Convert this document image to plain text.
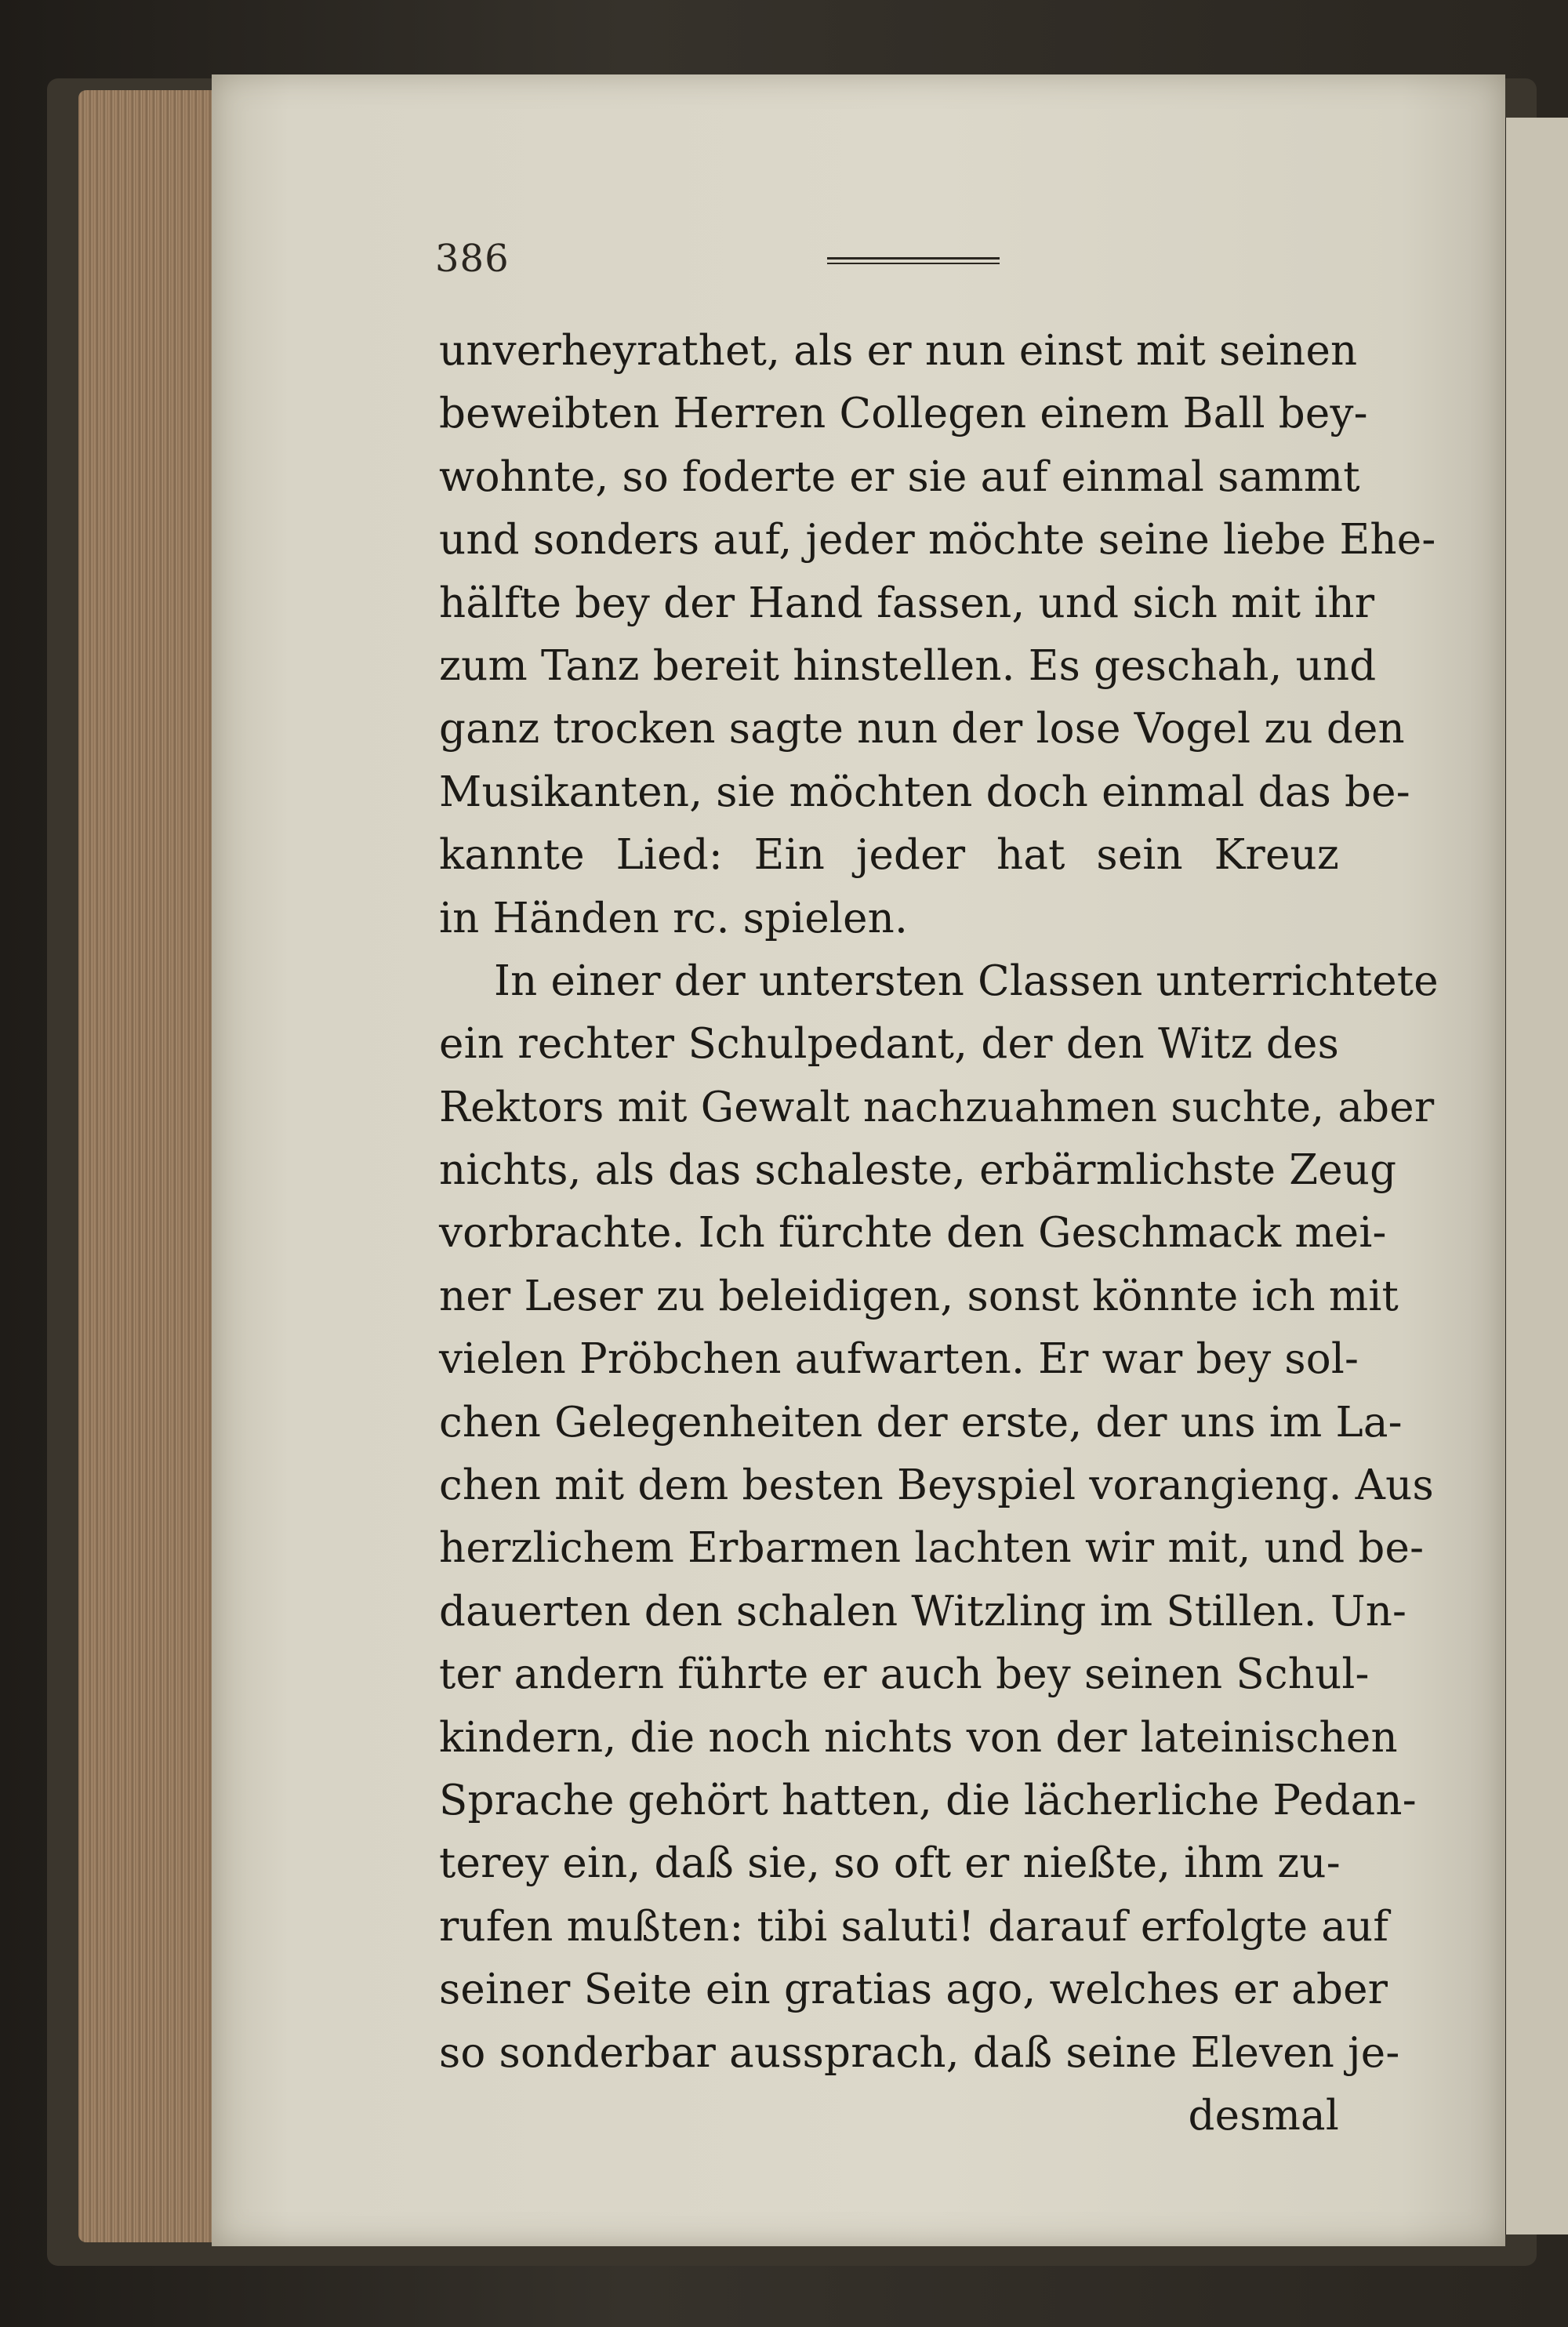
386
unverheyrathet, als er nun einst mit seinen
beweibten Herren Collegen einem Ball bey-
wohnte, so foderte er sie auf einmal sammt
und sonders auf, jeder möchte seine liebe Ehe-
hälfte bey der Hand fassen, und sich mit ihr
zum Tanz bereit hinstellen. Es geschah, und
ganz trocken sagte nun der lose Vogel zu den
Musikanten, sie möchten doch einmal das be-
kannte Lied: Ein jeder hat sein Kreuz
in Händen rc. spielen.
In einer der untersten Classen unterrichtete
ein rechter Schulpedant, der den Witz des
Rektors mit Gewalt nachzuahmen suchte, aber
nichts, als das schaleste, erbärmlichste Zeug
vorbrachte. Ich fürchte den Geschmack mei-
ner Leser zu beleidigen, sonst könnte ich mit
vielen Pröbchen aufwarten. Er war bey sol-
chen Gelegenheiten der erste, der uns im La-
chen mit dem besten Beyspiel vorangieng. Aus
herzlichem Erbarmen lachten wir mit, und be-
dauerten den schalen Witzling im Stillen. Un-
ter andern führte er auch bey seinen Schul-
kindern, die noch nichts von der lateinischen
Sprache gehört hatten, die lächerliche Pedan-
terey ein, daß sie, so oft er nießte, ihm zu-
rufen mußten: tibi saluti! darauf erfolgte auf
seiner Seite ein gratias ago, welches er aber
so sonderbar aussprach, daß seine Eleven je-
desmal
